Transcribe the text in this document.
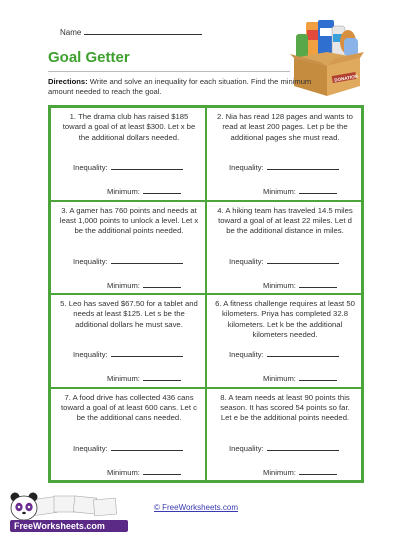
Name
DONATION
Goal Getter
Directions: Write and solve an inequality for each situation. Find the minimum amount needed to reach the goal.
1. The drama club has raised $185 toward a goal of at least $300. Let x be the additional dollars needed.
Inequality:
Minimum:
2. Nia has read 128 pages and wants to read at least 200 pages. Let p be the additional pages she must read.
Inequality:
Minimum:
3. A gamer has 760 points and needs at least 1,000 points to unlock a level. Let x be the additional points needed.
Inequality:
Minimum:
4. A hiking team has traveled 14.5 miles toward a goal of at least 22 miles. Let d be the additional distance in miles.
Inequality:
Minimum:
5. Leo has saved $67.50 for a tablet and needs at least $125. Let s be the additional dollars he must save.
Inequality:
Minimum:
6. A fitness challenge requires at least 50 kilometers. Priya has completed 32.8 kilometers. Let k be the additional kilometers needed.
Inequality:
Minimum:
7. A food drive has collected 436 cans toward a goal of at least 600 cans. Let c be the additional cans needed.
Inequality:
Minimum:
8. A team needs at least 90 points this season. It has scored 54 points so far. Let e be the additional points needed.
Inequality:
Minimum:
FreeWorksheets.com
© FreeWorksheets.com
